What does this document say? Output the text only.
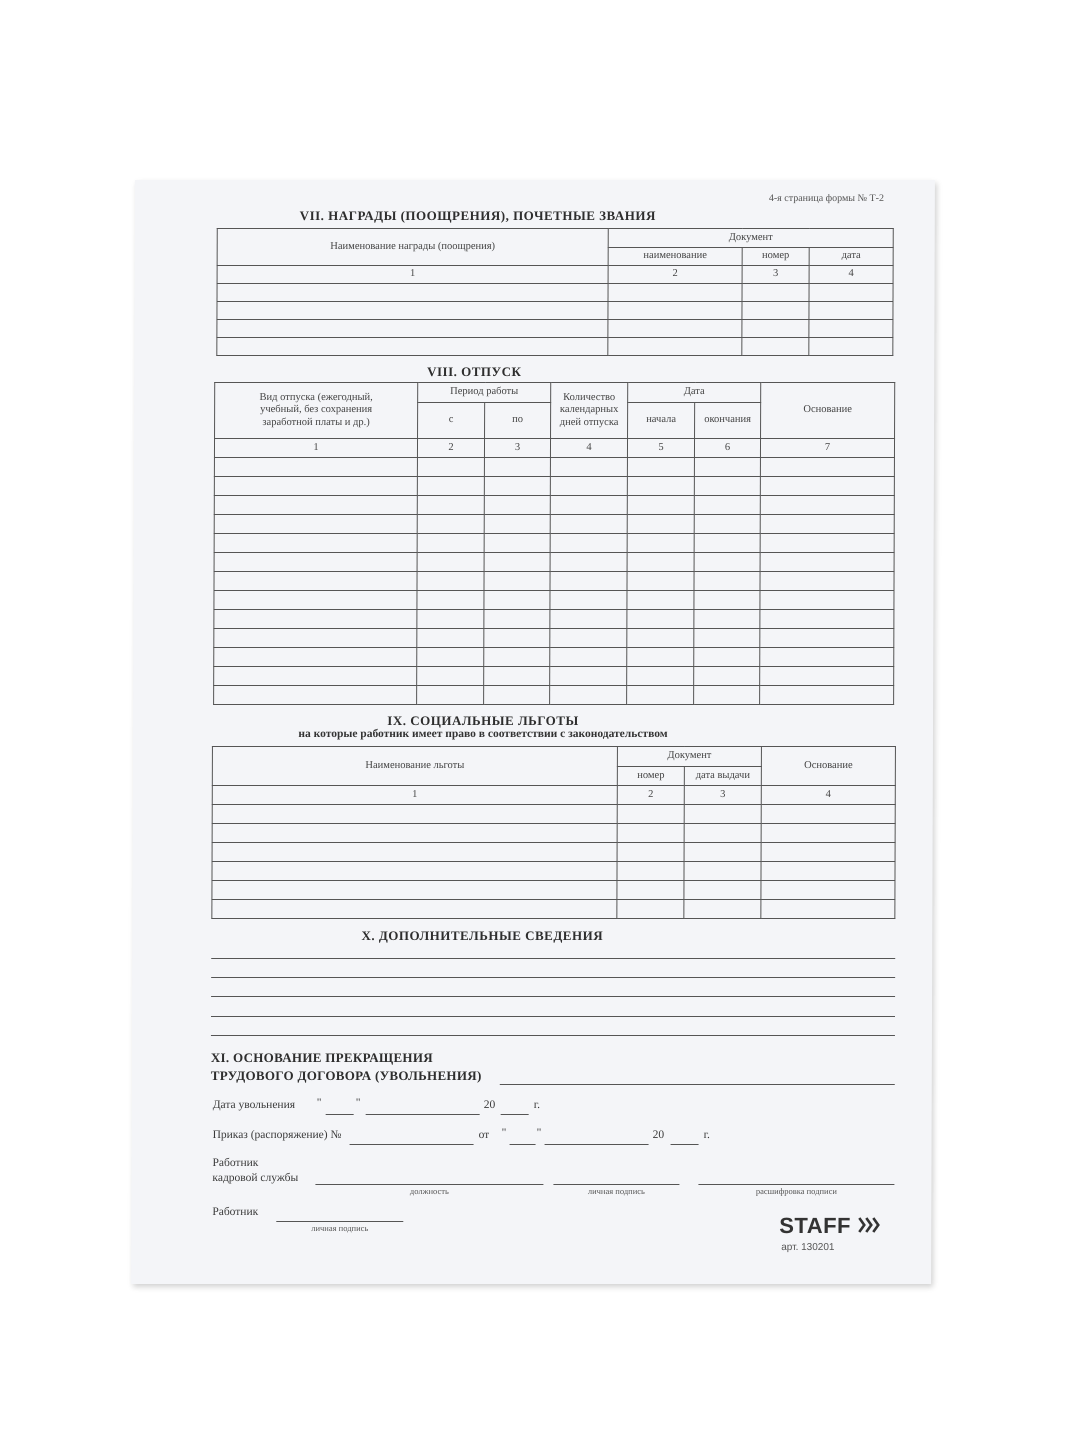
4-я страница формы № Т-2
VII. НАГРАДЫ (ПООЩРЕНИЯ), ПОЧЕТНЫЕ ЗВАНИЯ
Наименование награды (поощрения)	Документ		
	наименование	номер	дата
1	2	3	4

VIII. ОТПУСК
Вид отпуска (ежегодный, учебный, без сохранения заработной платы и др.)	Период работы		Количество календарных дней отпуска	Дата		Основание
	с	по		начала	окончания	
1	2	3	4	5	6	7

IX. СОЦИАЛЬНЫЕ ЛЬГОТЫ
на которые работник имеет право в соответствии с законодательством
Наименование льготы	Документ		Основание
	номер	дата выдачи	
1	2	3	4

X. ДОПОЛНИТЕЛЬНЫЕ СВЕДЕНИЯ
XI. ОСНОВАНИЕ ПРЕКРАЩЕНИЯ
ТРУДОВОГО ДОГОВОРА (УВОЛЬНЕНИЯ)
Дата увольнения "	"	20	г.
Приказ (распоряжение) №	от "	"	20	г.
Работник
кадровой службы
должность	личная подпись	расшифровка подписи
Работник
личная подпись	STAFF
арт. 130201
